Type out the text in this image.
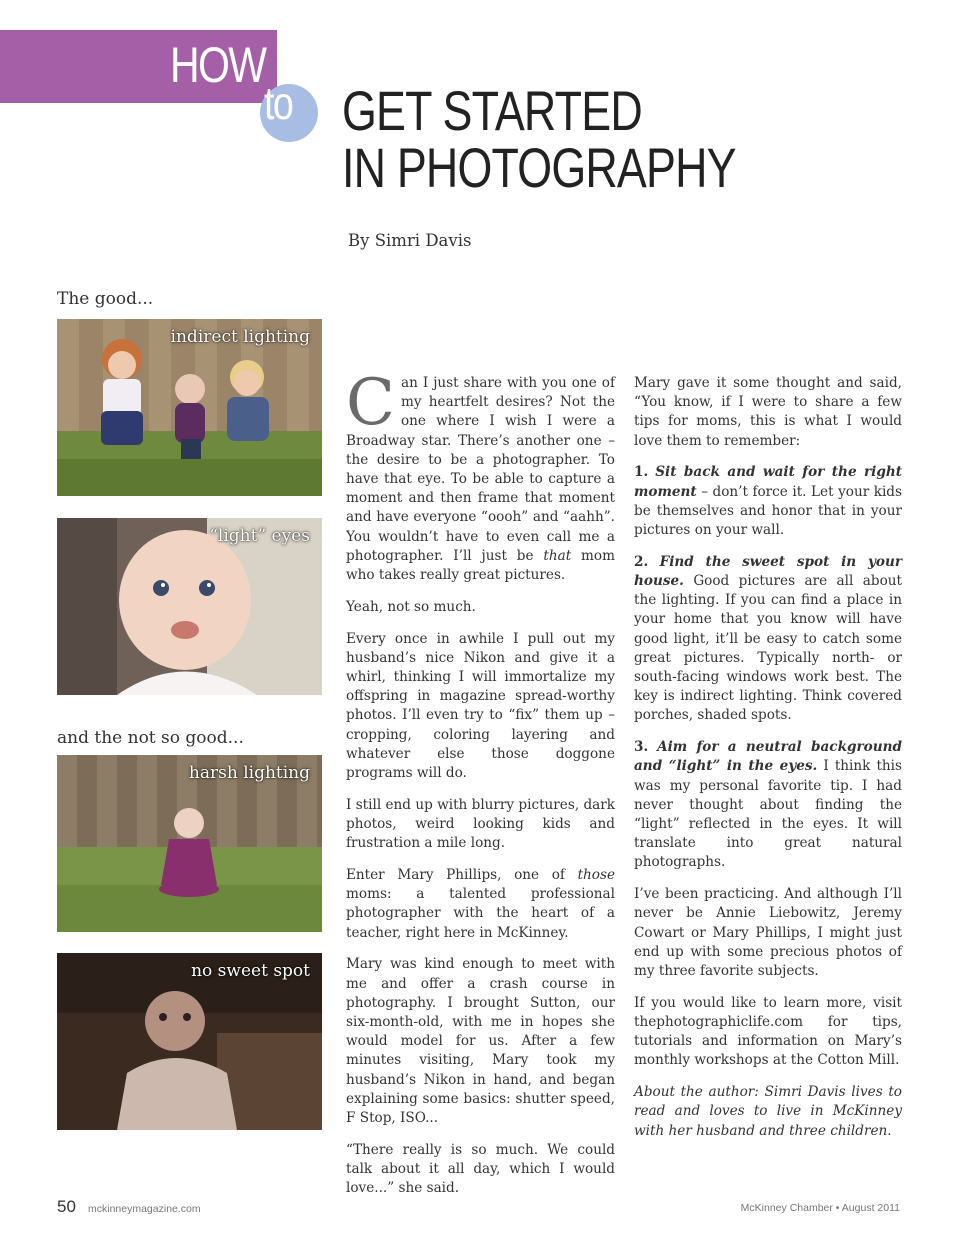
HOW
to GET STARTED
IN PHOTOGRAPHY
By Simri Davis
The good...
and the not so good...
indirect lighting
“light” eyes
harsh lighting
no sweet spot

Can I just share with you one of my heartfelt desires? Not the one where I wish I were a Broadway star. There’s another one – the desire to be a photographer. To have that eye. To be able to capture a moment and then frame that moment and have everyone “oooh” and “aahh”. You wouldn’t have to even call me a photographer. I’ll just be that mom who takes really great pictures.

Yeah, not so much.

Every once in awhile I pull out my husband’s nice Nikon and give it a whirl, thinking I will immortalize my offspring in magazine spread-worthy photos. I’ll even try to “fix” them up – cropping, coloring layering and whatever else those doggone programs will do.

I still end up with blurry pictures, dark photos, weird looking kids and frustration a mile long.

Enter Mary Phillips, one of those moms: a talented professional photographer with the heart of a teacher, right here in McKinney.

Mary was kind enough to meet with me and offer a crash course in photography. I brought Sutton, our six-month-old, with me in hopes she would model for us. After a few minutes visiting, Mary took my husband’s Nikon in hand, and began explaining some basics: shutter speed, F Stop, ISO...

“There really is so much. We could talk about it all day, which I would love...” she said.

Mary gave it some thought and said, “You know, if I were to share a few tips for moms, this is what I would love them to remember:

1. Sit back and wait for the right moment – don’t force it. Let your kids be themselves and honor that in your pictures on your wall.

2. Find the sweet spot in your house. Good pictures are all about the lighting. If you can find a place in your home that you know will have good light, it’ll be easy to catch some great pictures. Typically north- or south-facing windows work best. The key is indirect lighting. Think covered porches, shaded spots.

3. Aim for a neutral background and “light” in the eyes. I think this was my personal favorite tip. I had never thought about finding the “light” reflected in the eyes. It will translate into great natural photographs.

I’ve been practicing. And although I’ll never be Annie Liebowitz, Jeremy Cowart or Mary Phillips, I might just end up with some precious photos of my three favorite subjects.

If you would like to learn more, visit thephotographiclife.com for tips, tutorials and information on Mary’s monthly workshops at the Cotton Mill.

About the author: Simri Davis lives to read and loves to live in McKinney with her husband and three children.

50 mckinneymagazine.com	McKinney Chamber • August 2011
